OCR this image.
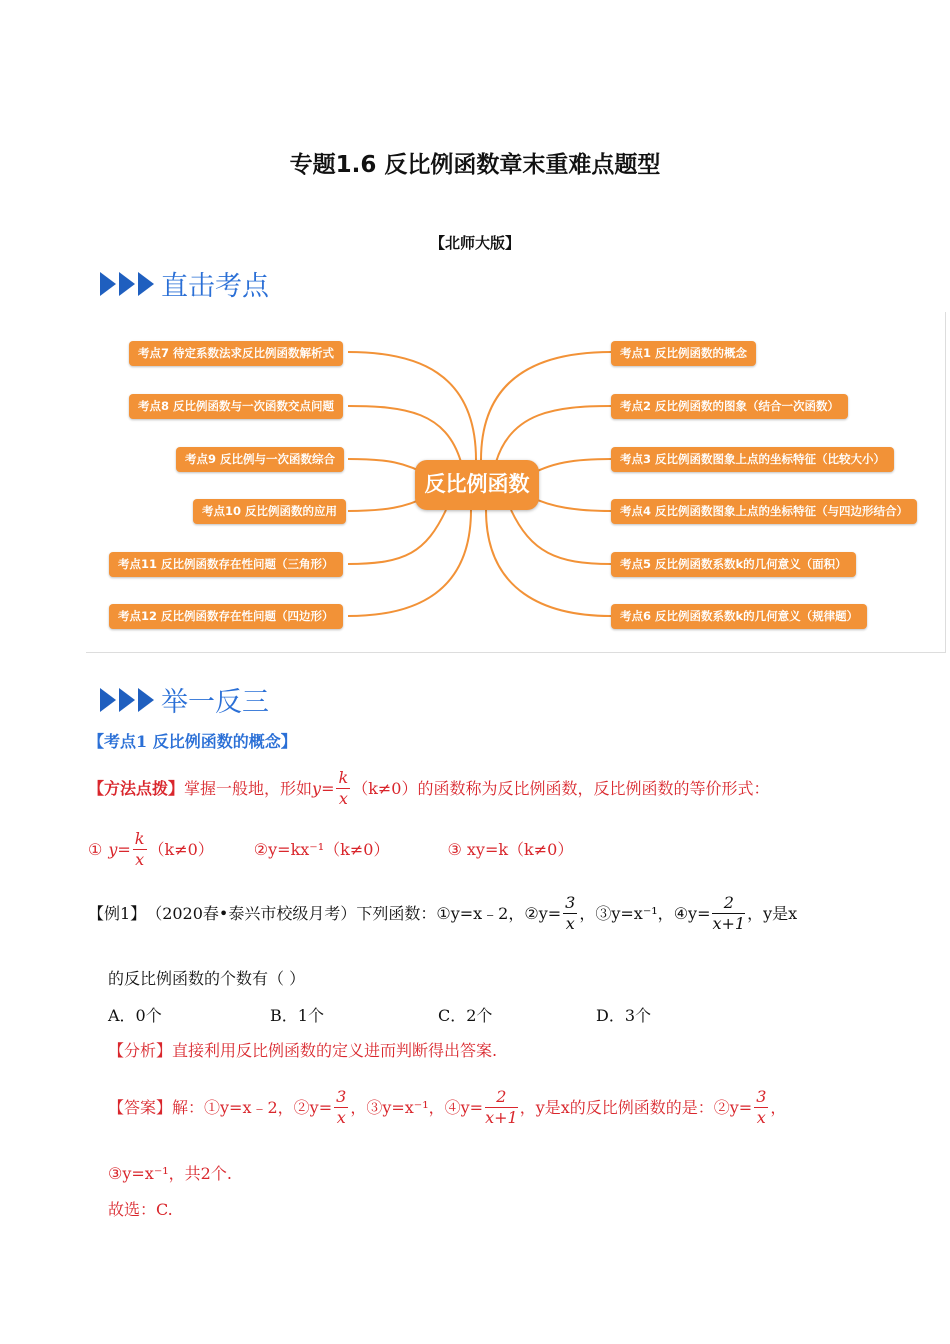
专题1.6 反比例函数章末重难点题型
【北师大版】
直击考点
考点7 待定系数法求反比例函数解析式
考点8 反比例函数与一次函数交点问题
考点9 反比例与一次函数综合
考点10 反比例函数的应用
考点11 反比例函数存在性问题（三角形）
考点12 反比例函数存在性问题（四边形）
反比例函数
考点1 反比例函数的概念
考点2 反比例函数的图象（结合一次函数）
考点3 反比例函数图象上点的坐标特征（比较大小）
考点4 反比例函数图象上点的坐标特征（与四边形结合）
考点5 反比例函数系数k的几何意义（面积）
考点6 反比例函数系数k的几何意义（规律题）
举一反三
【考点1 反比例函数的概念】
【方法点拨】 掌握一般地，形如 $y = \frac{k}{x} (k\ne 0)$的函数称为反比例函数，反比例函数的等价形式：
① $y = \frac{k}{x} (k\ne 0)$	②y=kx⁻¹（k≠0）	③ xy=k（k≠0）
【例1】 （2020春•泰兴市校级月考）下列函数： ①y=x﹣2， ②y= $\frac{3}{x}$ ，③y=x⁻¹， ④y= $\frac{2}{x+1}$ ，y是x
的反比例函数的个数有（ ）
A．0个	B．1个	C．2个	D．3个
【分析】直接利用反比例函数的定义进而判断得出答案.
【答案】 解：①y=x﹣2，②y= $\frac{3}{x}$ ，③y=x⁻¹，④y= $\frac{2}{x+1}$ ，y是x的反比例函数的是：②y= $\frac{3}{x}$ ，
③y=x⁻¹，共2个.
故选：C.
